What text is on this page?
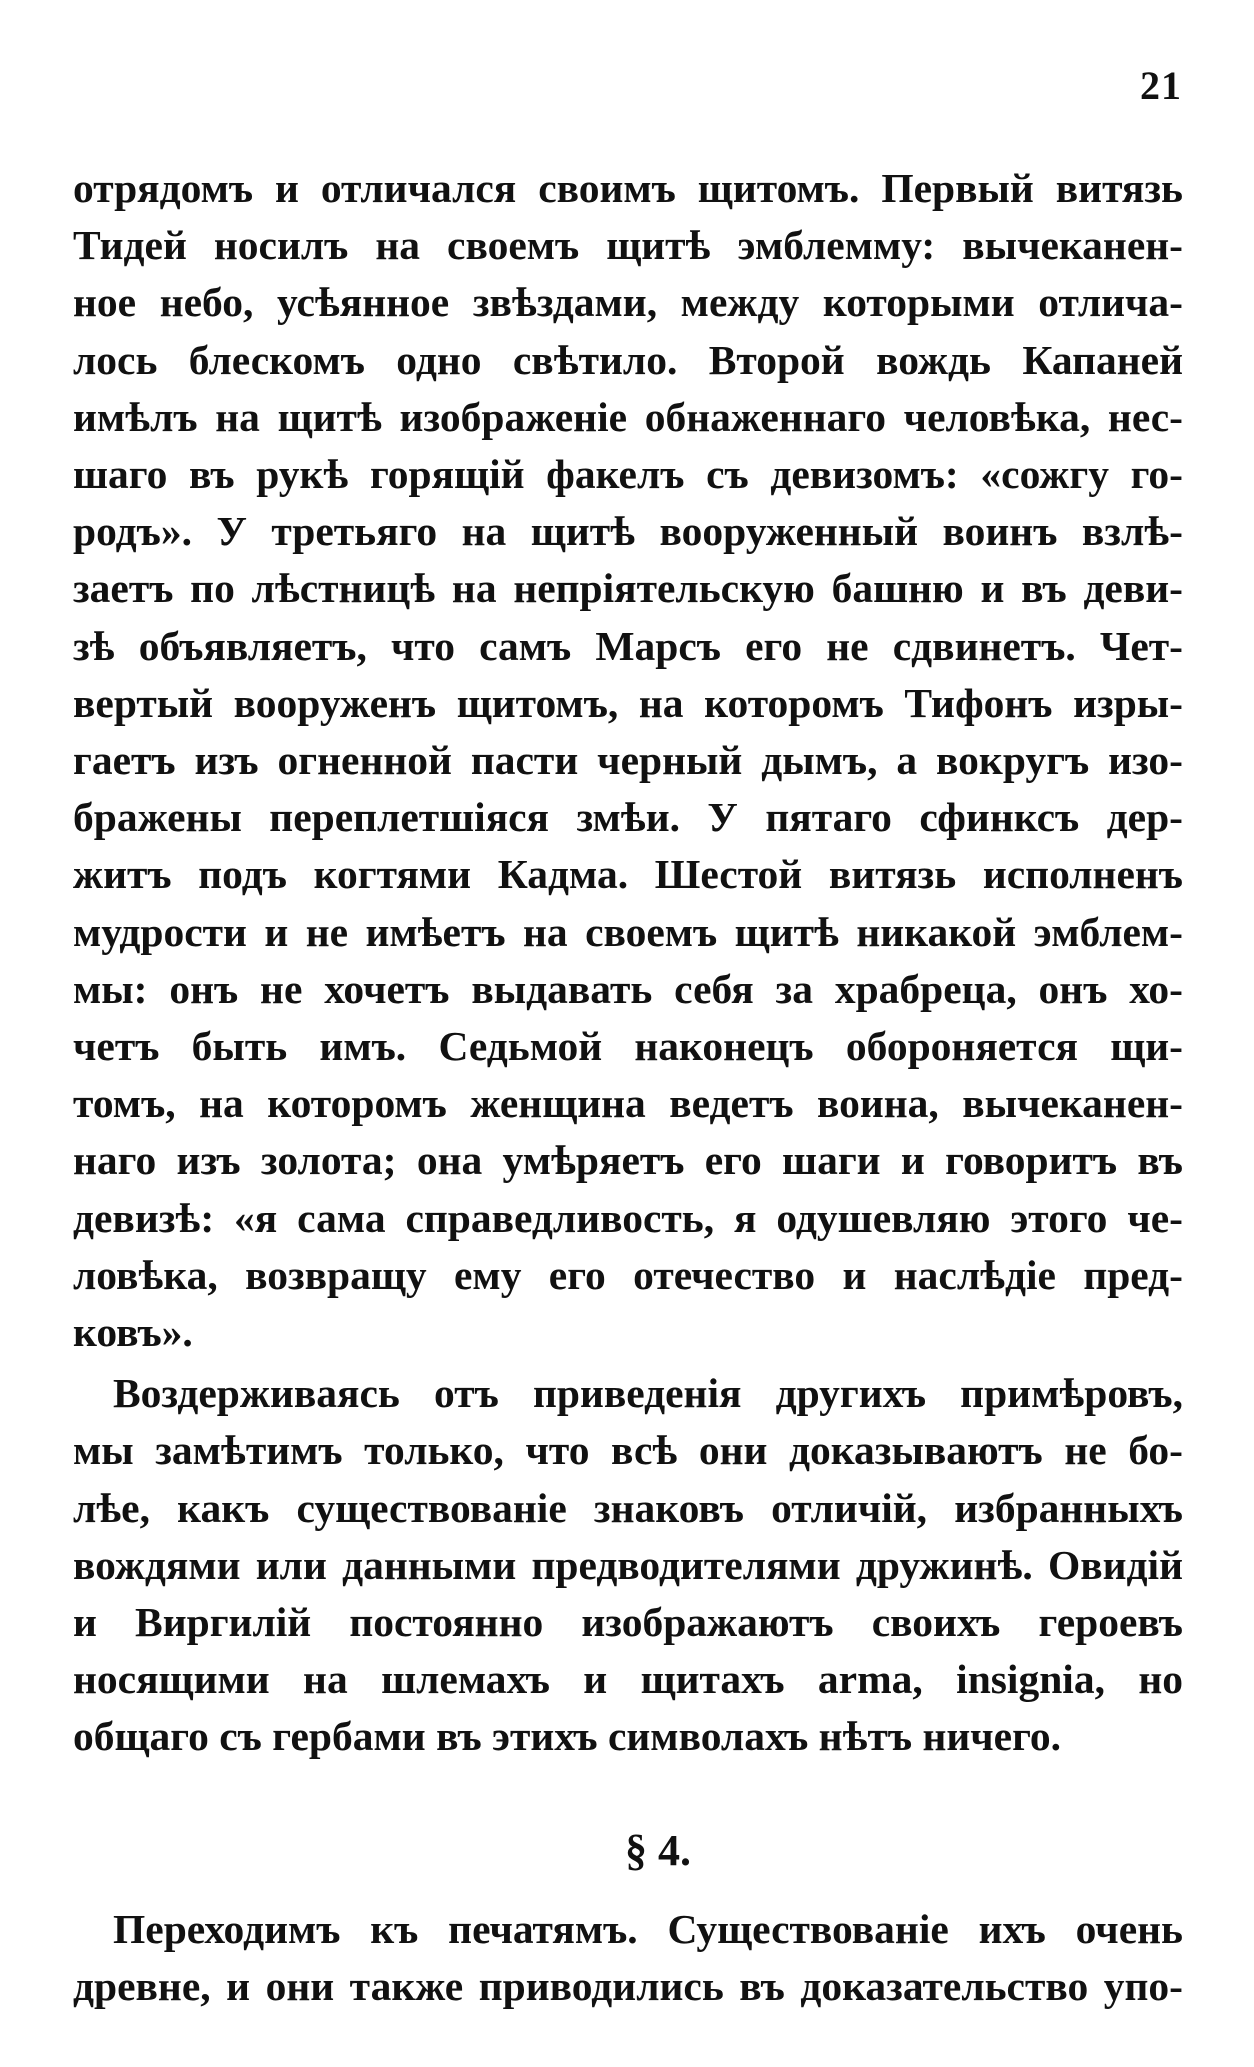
21
отрядомъ и отличался своимъ щитомъ. Первый витязь
Тидей носилъ на своемъ щитѣ эмблемму: вычеканен-
ное небо, усѣянное звѣздами, между которыми отлича-
лось блескомъ одно свѣтило. Второй вождь Капаней
имѣлъ на щитѣ изображеніе обнаженнаго человѣка, нес-
шаго въ рукѣ горящій факелъ съ девизомъ: «сожгу го-
родъ». У третьяго на щитѣ вооруженный воинъ взлѣ-
заетъ по лѣстницѣ на непріятельскую башню и въ деви-
зѣ объявляетъ, что самъ Марсъ его не сдвинетъ. Чет-
вертый вооруженъ щитомъ, на которомъ Тифонъ изры-
гаетъ изъ огненной пасти черный дымъ, а вокругъ изо-
бражены переплетшіяся змѣи. У пятаго сфинксъ дер-
житъ подъ когтями Кадма. Шестой витязь исполненъ
мудрости и не имѣетъ на своемъ щитѣ никакой эмблем-
мы: онъ не хочетъ выдавать себя за храбреца, онъ хо-
четъ быть имъ. Седьмой наконецъ обороняется щи-
томъ, на которомъ женщина ведетъ воина, вычеканен-
наго изъ золота; она умѣряетъ его шаги и говоритъ въ
девизѣ: «я сама справедливость, я одушевляю этого че-
ловѣка, возвращу ему его отечество и наслѣдіе пред-
ковъ».
Воздерживаясь отъ приведенія другихъ примѣровъ,
мы замѣтимъ только, что всѣ они доказываютъ не бо-
лѣе, какъ существованіе знаковъ отличій, избранныхъ
вождями или данными предводителями дружинѣ. Овидій
и Виргилій постоянно изображаютъ своихъ героевъ
носящими на шлемахъ и щитахъ arma, insignia, но
общаго съ гербами въ этихъ символахъ нѣтъ ничего.
§ 4.
Переходимъ къ печатямъ. Существованіе ихъ очень
древне, и они также приводились въ доказательство упо-
